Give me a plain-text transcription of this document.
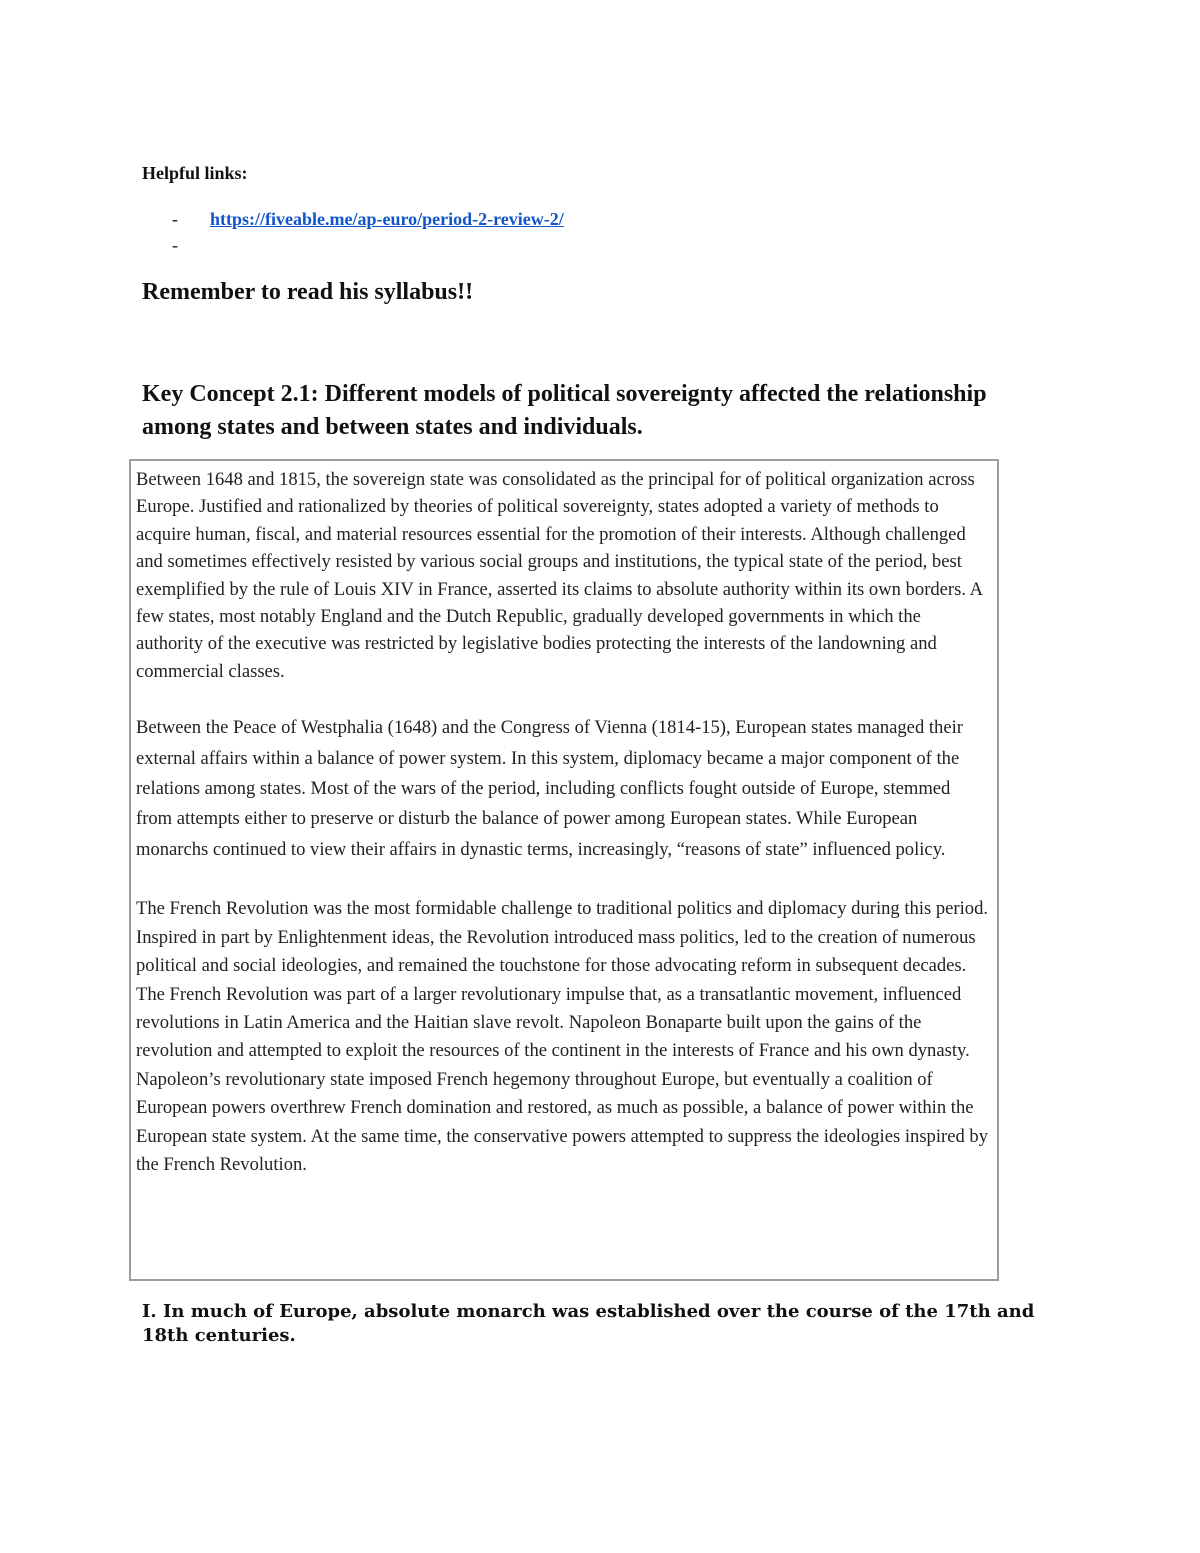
Helpful links:

- https://fiveable.me/ap-euro/period-2-review-2/
-
Remember to read his syllabus!!
Key Concept 2.1: Different models of political sovereignty affected the relationship among states and between states and individuals.

Between 1648 and 1815, the sovereign state was consolidated as the principal for of political organization across Europe. Justified and rationalized by theories of political sovereignty, states adopted a variety of methods to acquire human, fiscal, and material resources essential for the promotion of their interests. Although challenged and sometimes effectively resisted by various social groups and institutions, the typical state of the period, best exemplified by the rule of Louis XIV in France, asserted its claims to absolute authority within its own borders. A few states, most notably England and the Dutch Republic, gradually developed governments in which the authority of the executive was restricted by legislative bodies protecting the interests of the landowning and commercial classes.

Between the Peace of Westphalia (1648) and the Congress of Vienna (1814-15), European states managed their external affairs within a balance of power system. In this system, diplomacy became a major component of the relations among states. Most of the wars of the period, including conflicts fought outside of Europe, stemmed from attempts either to preserve or disturb the balance of power among European states. While European monarchs continued to view their affairs in dynastic terms, increasingly, “reasons of state” influenced policy.

The French Revolution was the most formidable challenge to traditional politics and diplomacy during this period. Inspired in part by Enlightenment ideas, the Revolution introduced mass politics, led to the creation of numerous political and social ideologies, and remained the touchstone for those advocating reform in subsequent decades. The French Revolution was part of a larger revolutionary impulse that, as a transatlantic movement, influenced revolutions in Latin America and the Haitian slave revolt. Napoleon Bonaparte built upon the gains of the revolution and attempted to exploit the resources of the continent in the interests of France and his own dynasty. Napoleon’s revolutionary state imposed French hegemony throughout Europe, but eventually a coalition of European powers overthrew French domination and restored, as much as possible, a balance of power within the European state system. At the same time, the conservative powers attempted to suppress the ideologies inspired by the French Revolution.

I. In much of Europe, absolute monarch was established over the course of the 17th and 18th centuries.
